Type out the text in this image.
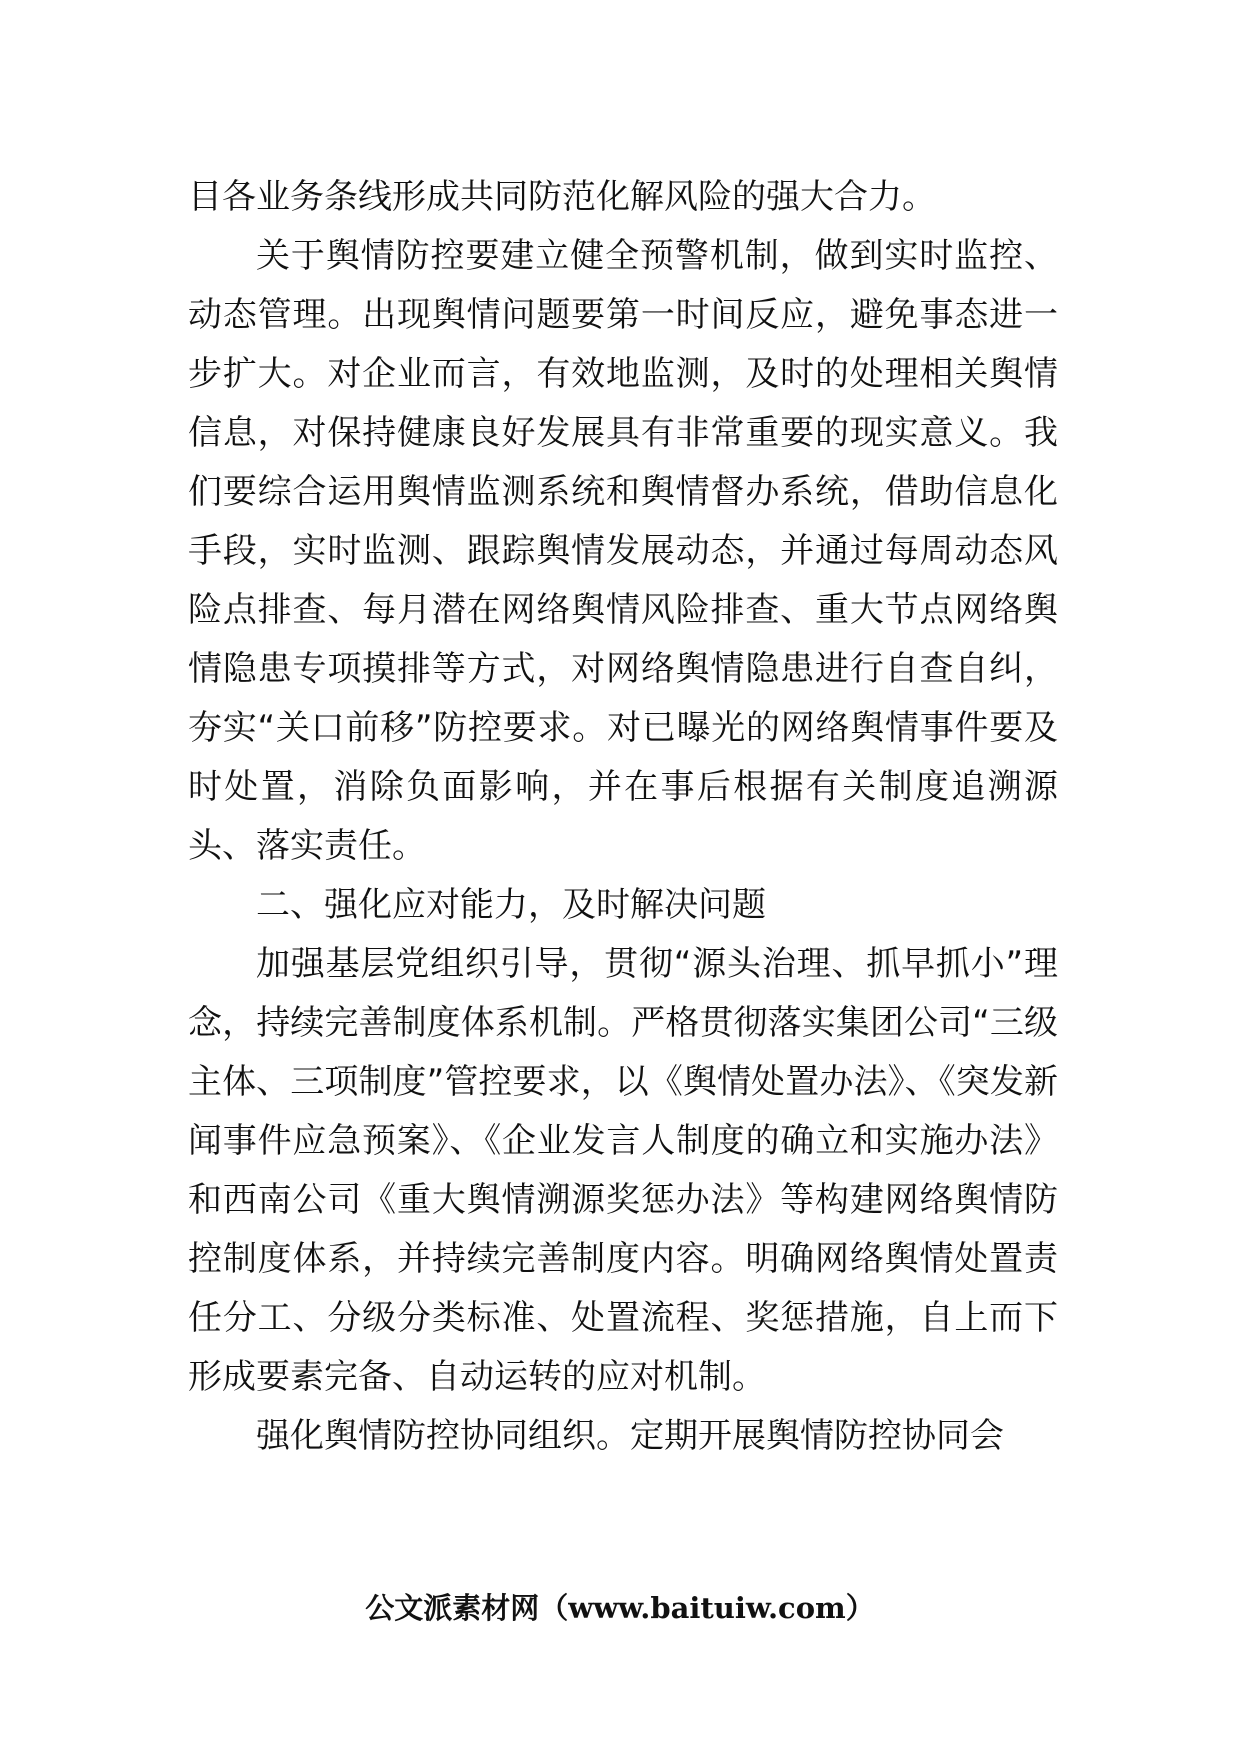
目各业务条线形成共同防范化解风险的强大合力。

关于舆情防控要建立健全预警机制，做到实时监控、动态管理。出现舆情问题要第一时间反应，避免事态进一步扩大。对企业而言，有效地监测，及时的处理相关舆情信息，对保持健康良好发展具有非常重要的现实意义。我们要综合运用舆情监测系统和舆情督办系统，借助信息化手段，实时监测、跟踪舆情发展动态，并通过每周动态风险点排查、每月潜在网络舆情风险排查、重大节点网络舆情隐患专项摸排等方式，对网络舆情隐患进行自查自纠，夯实“关口前移”防控要求。对已曝光的网络舆情事件要及时处置，消除负面影响，并在事后根据有关制度追溯源头、落实责任。

二、强化应对能力，及时解决问题

加强基层党组织引导，贯彻“源头治理、抓早抓小”理念，持续完善制度体系机制。严格贯彻落实集团公司“三级主体、三项制度”管控要求，以《舆情处置办法》、《突发新闻事件应急预案》、《企业发言人制度的确立和实施办法》和西南公司《重大舆情溯源奖惩办法》等构建网络舆情防控制度体系，并持续完善制度内容。明确网络舆情处置责任分工、分级分类标准、处置流程、奖惩措施，自上而下形成要素完备、自动运转的应对机制。

强化舆情防控协同组织。定期开展舆情防控协同会

公文派素材网（www.baituiw.com）
